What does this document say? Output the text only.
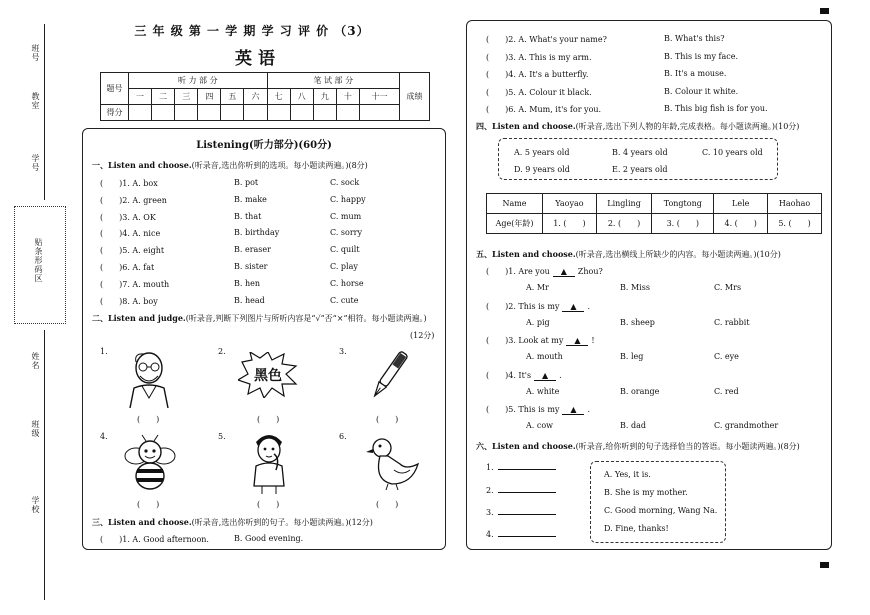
班号
教室
学号
贴条形码区
姓名
班级
学校
三 年 级 第 一 学 期 学 习 评 价 （3）
英 语
题号	听 力 部 分						笔 试 部 分					成绩
	一	二	三	四	五	六	七	八	九	十	十一	
得分												
Listening(听力部分)(60分)
一、Listen and choose.(听录音,选出你听到的选项。每小题读两遍。)(8分)
(　　)1. A. box	B. pot	C. sock
(　　)2. A. green	B. make	C. happy
(　　)3. A. OK	B. that	C. mum
(　　)4. A. nice	B. birthday	C. sorry
(　　)5. A. eight	B. eraser	C. quilt
(　　)6. A. fat	B. sister	C. play
(　　)7. A. mouth	B. hen	C. horse
(　　)8. A. boy	B. head	C. cute
二、Listen and judge.(听录音,判断下列图片与所听内容是“√”否“×”相符。每小题读两遍。)
(12分)
1.	2.	3.
4.	5.	6.
黑色
(　　)	(　　)	(　　)
(　　)	(　　)	(　　)
三、Listen and choose.(听录音,选出你听到的句子。每小题读两遍。)(12分)
(　　)1. A. Good afternoon.	B. Good evening.
(　　)2. A. What's your name?	B. What's this?
(　　)3. A. This is my arm.	B. This is my face.
(　　)4. A. It's a butterfly.	B. It's a mouse.
(　　)5. A. Colour it black.	B. Colour it white.
(　　)6. A. Mum, it's for you.	B. This big fish is for you.
四、Listen and choose.(听录音,选出下列人物的年龄,完成表格。每小题读两遍。)(10分)
A. 5 years old	B. 4 years old	C. 10 years old
D. 9 years old	E. 2 years old
Name	Yaoyao	Lingling	Tongtong	Lele	Haohao
Age(年龄)	1. (　　)	2. (　　)	3. (　　)	4. (　　)	5. (　　)
五、Listen and choose.(听录音,选出横线上所缺少的内容。每小题读两遍。)(10分)
(　　)1. Are you ▲ Zhou?
A. Mr	B. Miss	C. Mrs
(　　)2. This is my ▲ .
A. pig	B. sheep	C. rabbit
(　　)3. Look at my ▲ !
A. mouth	B. leg	C. eye
(　　)4. It's ▲ .
A. white	B. orange	C. red
(　　)5. This is my ▲ .
A. cow	B. dad	C. grandmother
六、Listen and choose.(听录音,给你听到的句子选择恰当的答语。每小题读两遍。)(8分)
1.
2.
3.
4.
A. Yes, it is.
B. She is my mother.
C. Good morning, Wang Na.
D. Fine, thanks!
